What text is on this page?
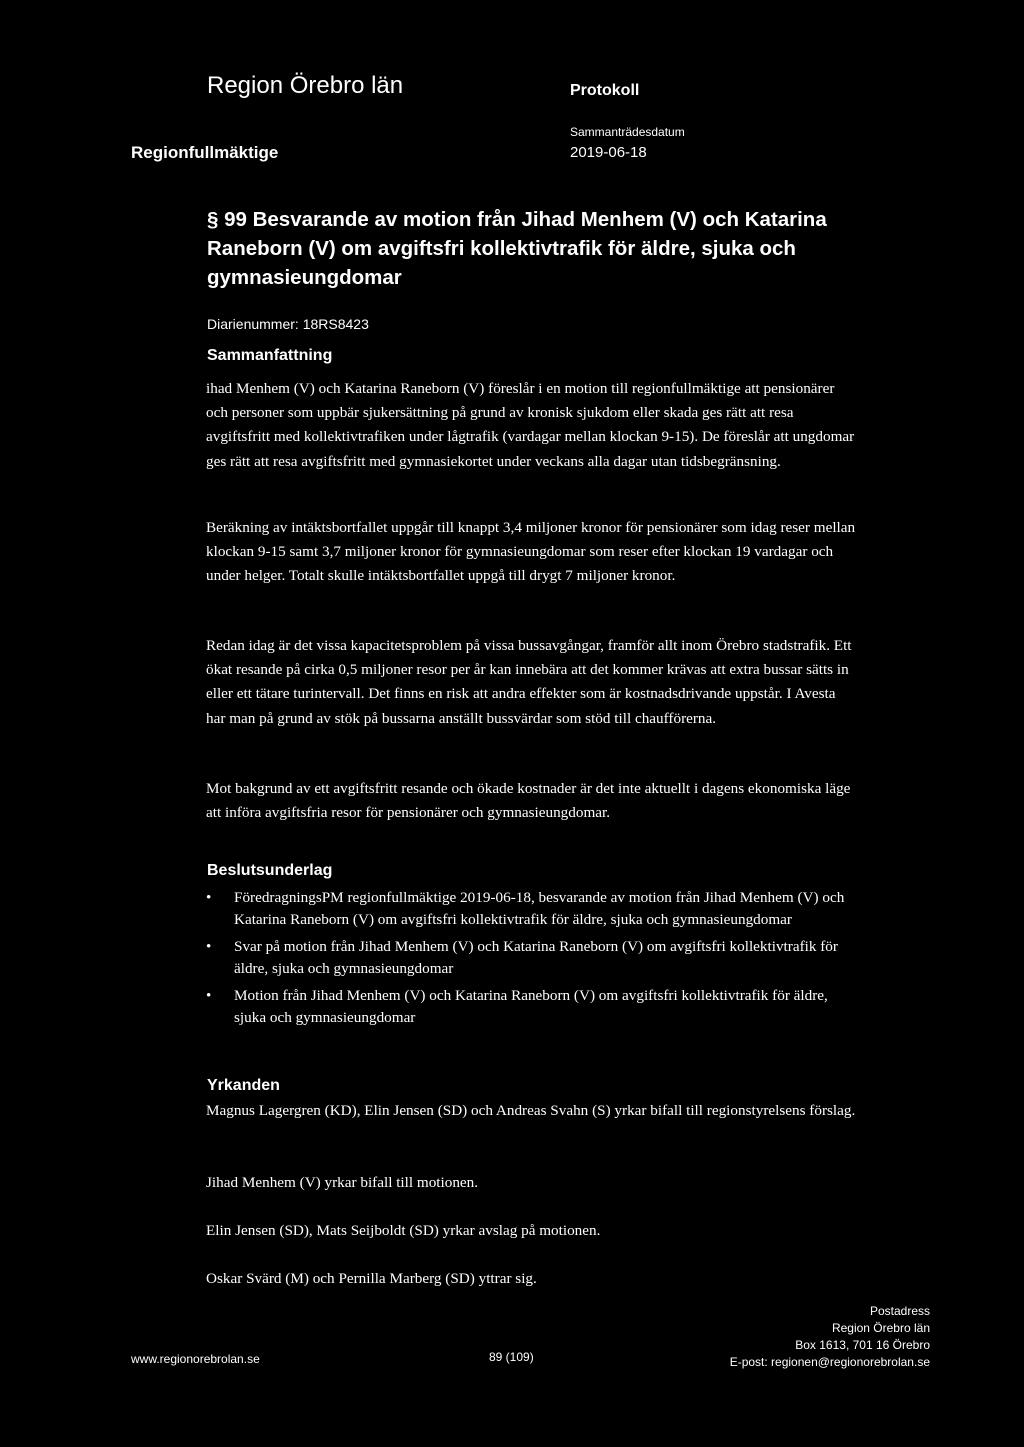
Region Örebro län	Protokoll
Regionfullmäktige
Sammanträdesdatum
2019-06-18
§ 99 Besvarande av motion från Jihad Menhem (V) och Katarina Raneborn (V) om avgiftsfri kollektivtrafik för äldre, sjuka och gymnasieungdomar
Diarienummer: 18RS8423
Sammanfattning

ihad Menhem (V) och Katarina Raneborn (V) föreslår i en motion till regionfullmäktige att pensionärer och personer som uppbär sjukersättning på grund av kronisk sjukdom eller skada ges rätt att resa avgiftsfritt med kollektivtrafiken under lågtrafik (vardagar mellan klockan 9-15). De föreslår att ungdomar ges rätt att resa avgiftsfritt med gymnasiekortet under veckans alla dagar utan tidsbegränsning.

Beräkning av intäktsbortfallet uppgår till knappt 3,4 miljoner kronor för pensionärer som idag reser mellan klockan 9-15 samt 3,7 miljoner kronor för gymnasieungdomar som reser efter klockan 19 vardagar och under helger. Totalt skulle intäktsbortfallet uppgå till drygt 7 miljoner kronor.

Redan idag är det vissa kapacitetsproblem på vissa bussavgångar, framför allt inom Örebro stadstrafik. Ett ökat resande på cirka 0,5 miljoner resor per år kan innebära att det kommer krävas att extra bussar sätts in eller ett tätare turintervall. Det finns en risk att andra effekter som är kostnadsdrivande uppstår. I Avesta har man på grund av stök på bussarna anställt bussvärdar som stöd till chaufförerna.

Mot bakgrund av ett avgiftsfritt resande och ökade kostnader är det inte aktuellt i dagens ekonomiska läge att införa avgiftsfria resor för pensionärer och gymnasieungdomar.

Beslutsunderlag
• FöredragningsPM regionfullmäktige 2019-06-18, besvarande av motion från Jihad Menhem (V) och Katarina Raneborn (V) om avgiftsfri kollektivtrafik för äldre, sjuka och gymnasieungdomar
• Svar på motion från Jihad Menhem (V) och Katarina Raneborn (V) om avgiftsfri kollektivtrafik för äldre, sjuka och gymnasieungdomar
• Motion från Jihad Menhem (V) och Katarina Raneborn (V) om avgiftsfri kollektivtrafik för äldre, sjuka och gymnasieungdomar
Yrkanden

Magnus Lagergren (KD), Elin Jensen (SD) och Andreas Svahn (S) yrkar bifall till regionstyrelsens förslag.

Jihad Menhem (V) yrkar bifall till motionen.

Elin Jensen (SD), Mats Seijboldt (SD) yrkar avslag på motionen.

Oskar Svärd (M) och Pernilla Marberg (SD) yttrar sig.

Postadress
Region Örebro län
Box 1613, 701 16 Örebro
E-post: regionen@regionorebrolan.se
www.regionorebrolan.se	89 (109)
